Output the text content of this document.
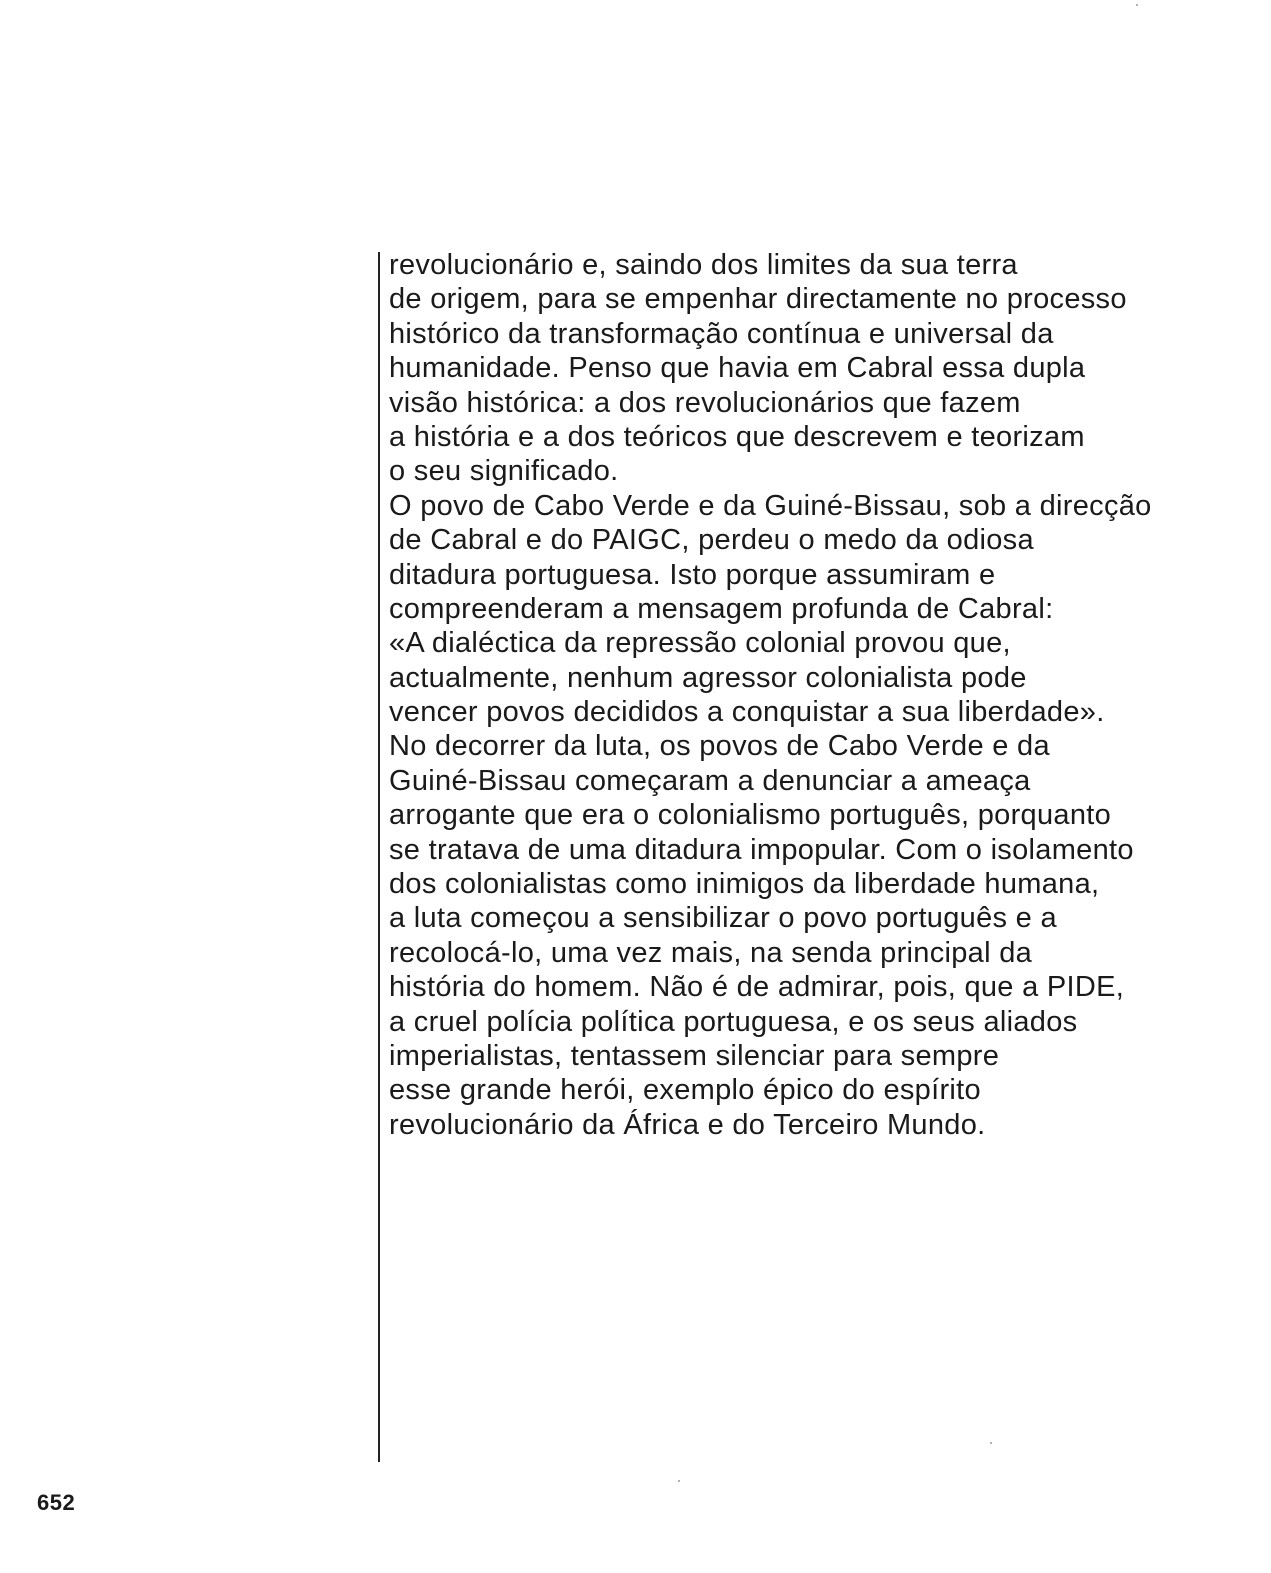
revolucionário e, saindo dos limites da sua terra
de origem, para se empenhar directamente no processo
histórico da transformação contínua e universal da
humanidade. Penso que havia em Cabral essa dupla
visão histórica: a dos revolucionários que fazem
a história e a dos teóricos que descrevem e teorizam
o seu significado.
O povo de Cabo Verde e da Guiné-Bissau, sob a direcção
de Cabral e do PAIGC, perdeu o medo da odiosa
ditadura portuguesa. Isto porque assumiram e
compreenderam a mensagem profunda de Cabral:
«A dialéctica da repressão colonial provou que,
actualmente, nenhum agressor colonialista pode
vencer povos decididos a conquistar a sua liberdade».
No decorrer da luta, os povos de Cabo Verde e da
Guiné-Bissau começaram a denunciar a ameaça
arrogante que era o colonialismo português, porquanto
se tratava de uma ditadura impopular. Com o isolamento
dos colonialistas como inimigos da liberdade humana,
a luta começou a sensibilizar o povo português e a
recolocá-lo, uma vez mais, na senda principal da
história do homem. Não é de admirar, pois, que a PIDE,
a cruel polícia política portuguesa, e os seus aliados
imperialistas, tentassem silenciar para sempre
esse grande herói, exemplo épico do espírito
revolucionário da África e do Terceiro Mundo.
652
